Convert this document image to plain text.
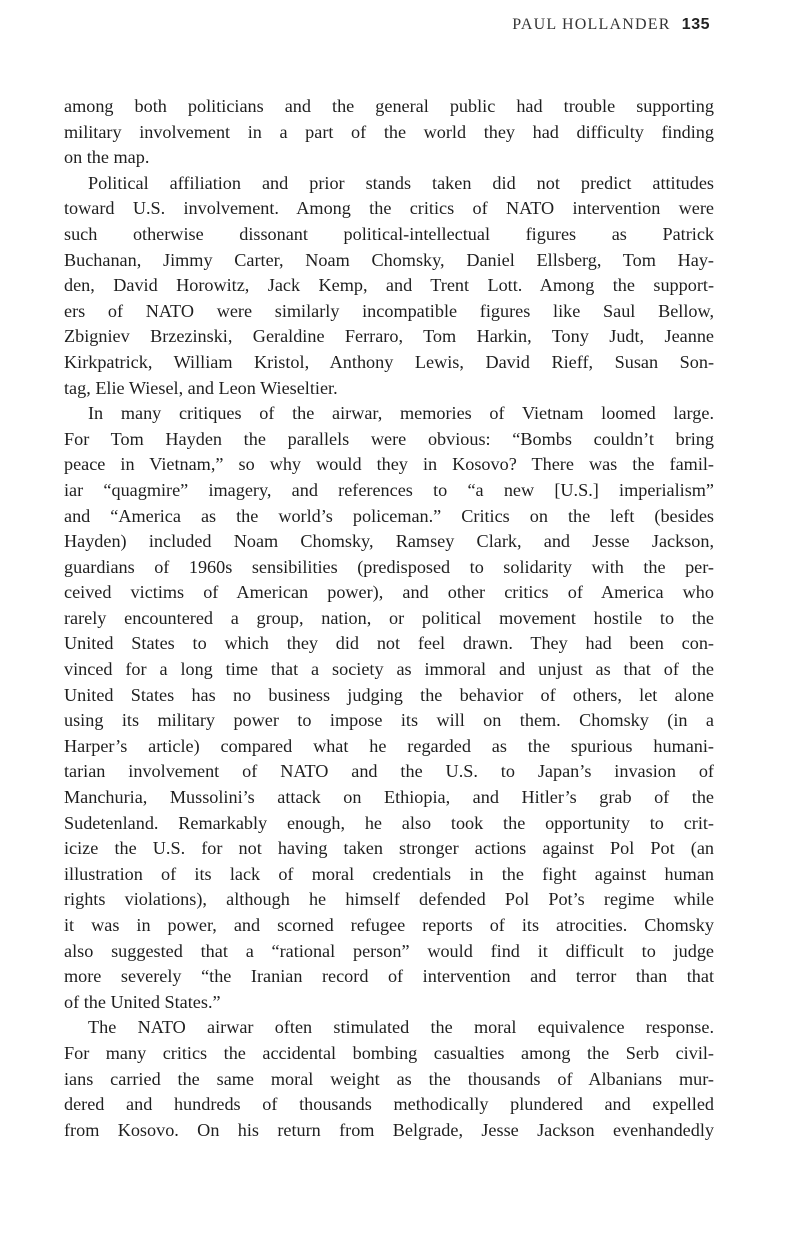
PAUL HOLLANDER 135
among both politicians and the general public had trouble supporting
military involvement in a part of the world they had difficulty finding
on the map.
Political affiliation and prior stands taken did not predict attitudes
toward U.S. involvement. Among the critics of NATO intervention were
such otherwise dissonant political-intellectual figures as Patrick
Buchanan, Jimmy Carter, Noam Chomsky, Daniel Ellsberg, Tom Hay-
den, David Horowitz, Jack Kemp, and Trent Lott. Among the support-
ers of NATO were similarly incompatible figures like Saul Bellow,
Zbigniev Brzezinski, Geraldine Ferraro, Tom Harkin, Tony Judt, Jeanne
Kirkpatrick, William Kristol, Anthony Lewis, David Rieff, Susan Son-
tag, Elie Wiesel, and Leon Wieseltier.
In many critiques of the airwar, memories of Vietnam loomed large.
For Tom Hayden the parallels were obvious: “Bombs couldn’t bring
peace in Vietnam,” so why would they in Kosovo? There was the famil-
iar “quagmire” imagery, and references to “a new [U.S.] imperialism”
and “America as the world’s policeman.” Critics on the left (besides
Hayden) included Noam Chomsky, Ramsey Clark, and Jesse Jackson,
guardians of 1960s sensibilities (predisposed to solidarity with the per-
ceived victims of American power), and other critics of America who
rarely encountered a group, nation, or political movement hostile to the
United States to which they did not feel drawn. They had been con-
vinced for a long time that a society as immoral and unjust as that of the
United States has no business judging the behavior of others, let alone
using its military power to impose its will on them. Chomsky (in a
Harper’s article) compared what he regarded as the spurious humani-
tarian involvement of NATO and the U.S. to Japan’s invasion of
Manchuria, Mussolini’s attack on Ethiopia, and Hitler’s grab of the
Sudetenland. Remarkably enough, he also took the opportunity to crit-
icize the U.S. for not having taken stronger actions against Pol Pot (an
illustration of its lack of moral credentials in the fight against human
rights violations), although he himself defended Pol Pot’s regime while
it was in power, and scorned refugee reports of its atrocities. Chomsky
also suggested that a “rational person” would find it difficult to judge
more severely “the Iranian record of intervention and terror than that
of the United States.”
The NATO airwar often stimulated the moral equivalence response.
For many critics the accidental bombing casualties among the Serb civil-
ians carried the same moral weight as the thousands of Albanians mur-
dered and hundreds of thousands methodically plundered and expelled
from Kosovo. On his return from Belgrade, Jesse Jackson evenhandedly
